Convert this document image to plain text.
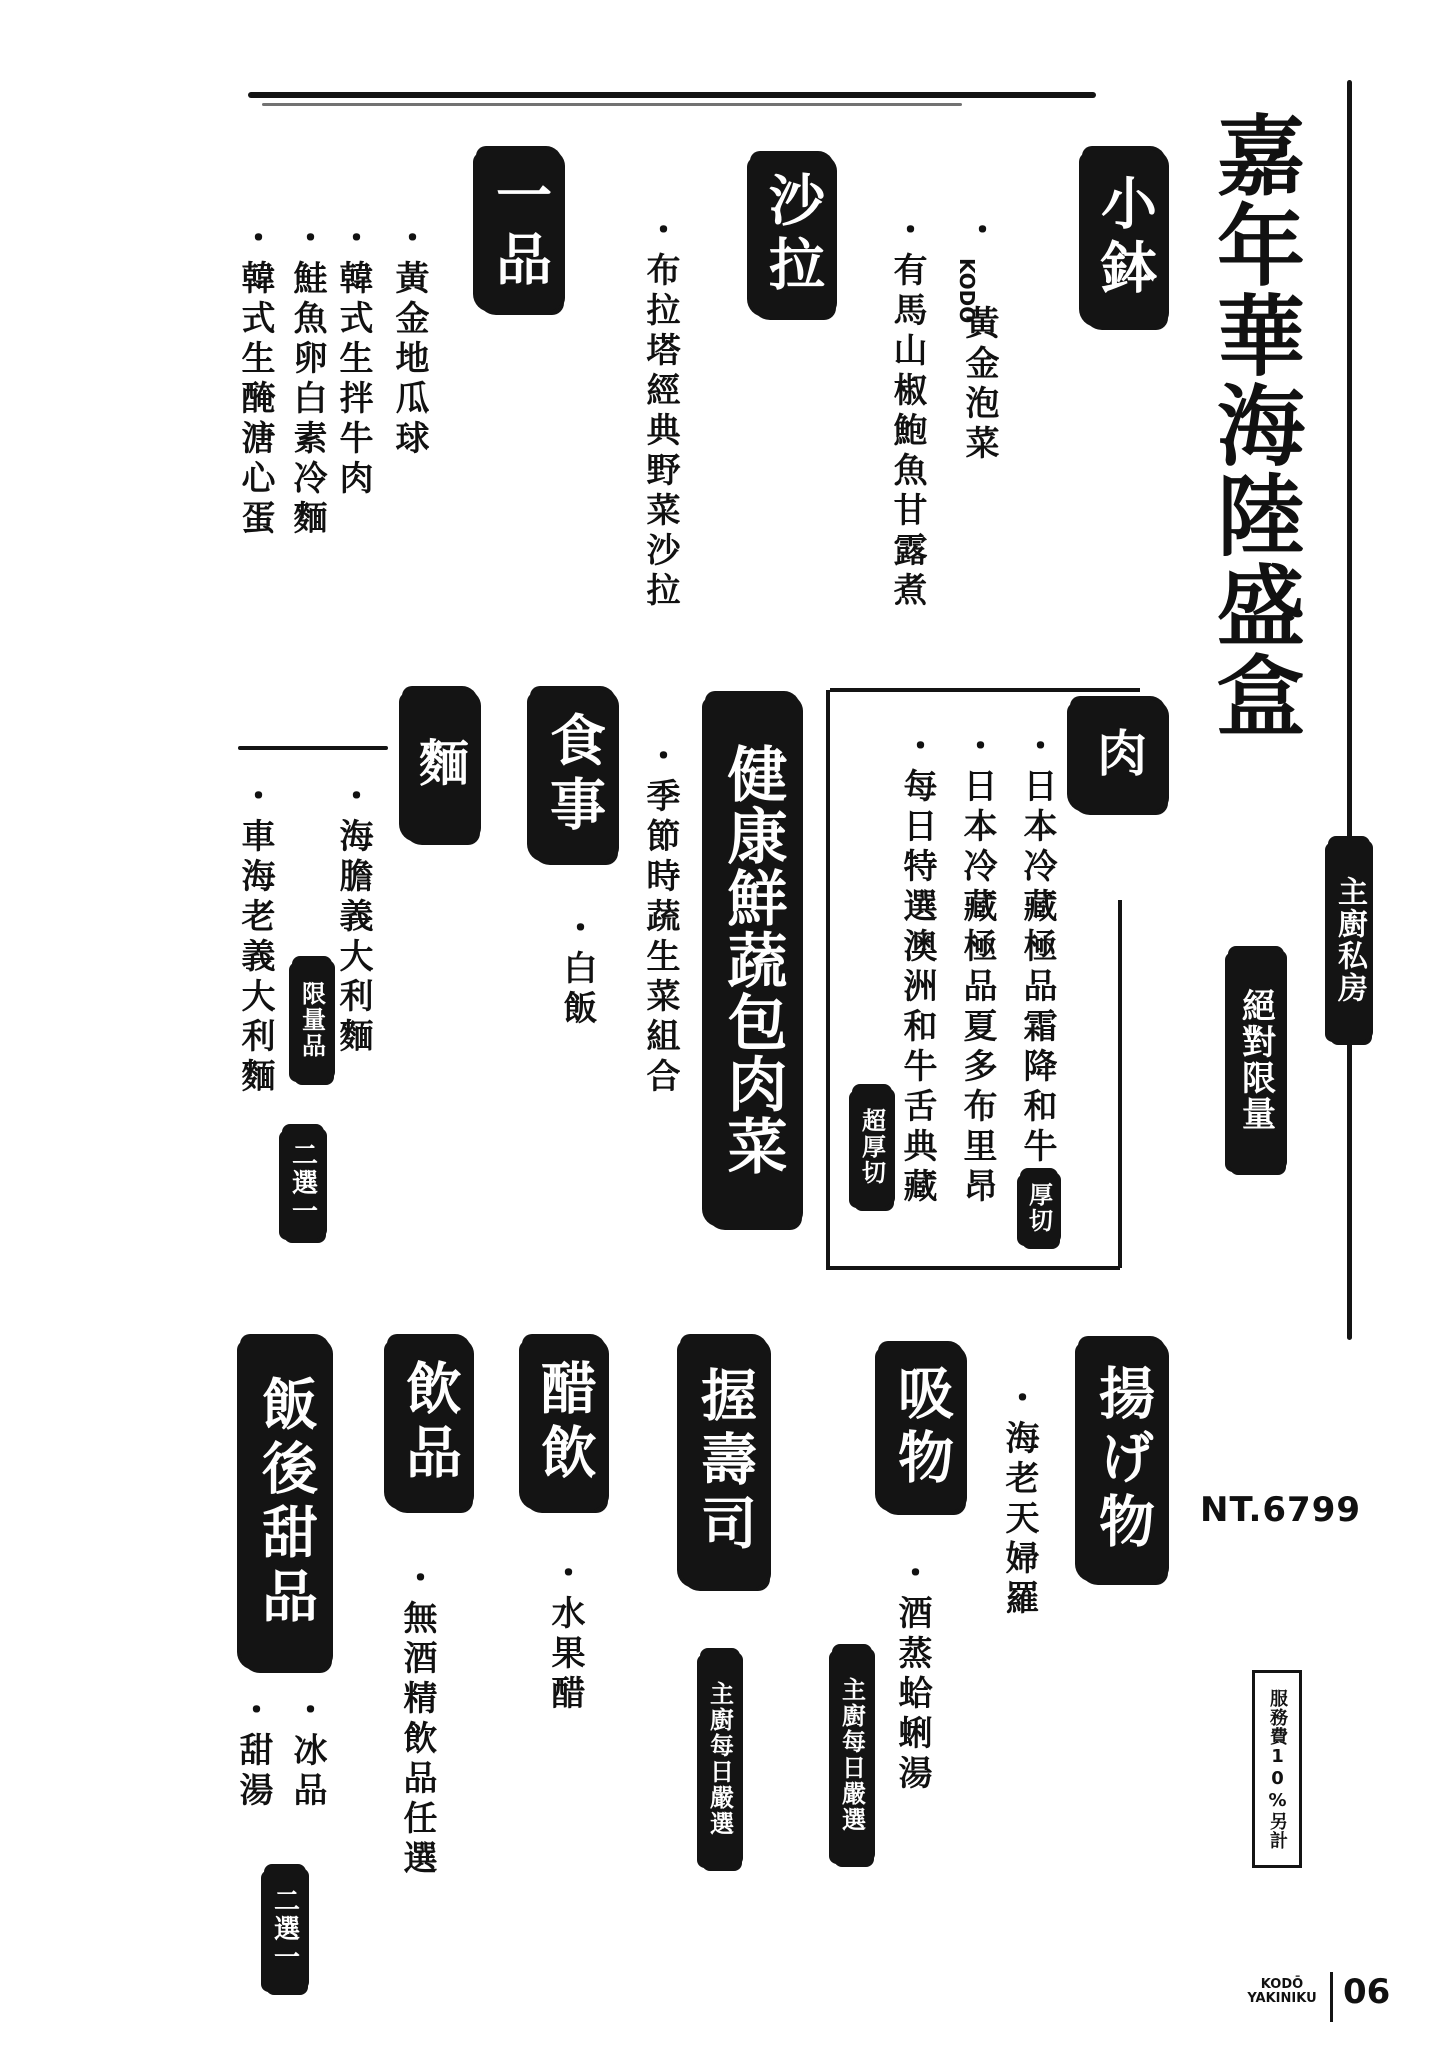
嘉年華海陸盛盒
主廚私房
絕對限量
小鉢
KODŌ
・
黃金泡菜
・有馬山椒鮑魚甘露煮
沙拉
・布拉塔經典野菜沙拉
一品
・黃金地瓜球
・韓式生拌牛肉
・鮭魚卵白素冷麵
・韓式生醃溏心蛋
肉
・日本冷藏極品霜降和牛
厚切
・日本冷藏極品夏多布里昂
・每日特選澳洲和牛舌典藏
超厚切
健康鮮蔬包肉菜
・季節時蔬生菜組合
食事
・白飯
麵
・海膽義大利麵
限量品
・車海老義大利麵
二選一
揚げ物
・海老天婦羅	NT.6799
服務費10%另計
吸物
・酒蒸蛤蜊湯
主廚每日嚴選
握壽司
主廚每日嚴選
醋飲
・水果醋
飲品
・無酒精飲品任選
飯後甜品
・冰品
・甜湯
二選一
KODŌ
YAKINIKU 06
